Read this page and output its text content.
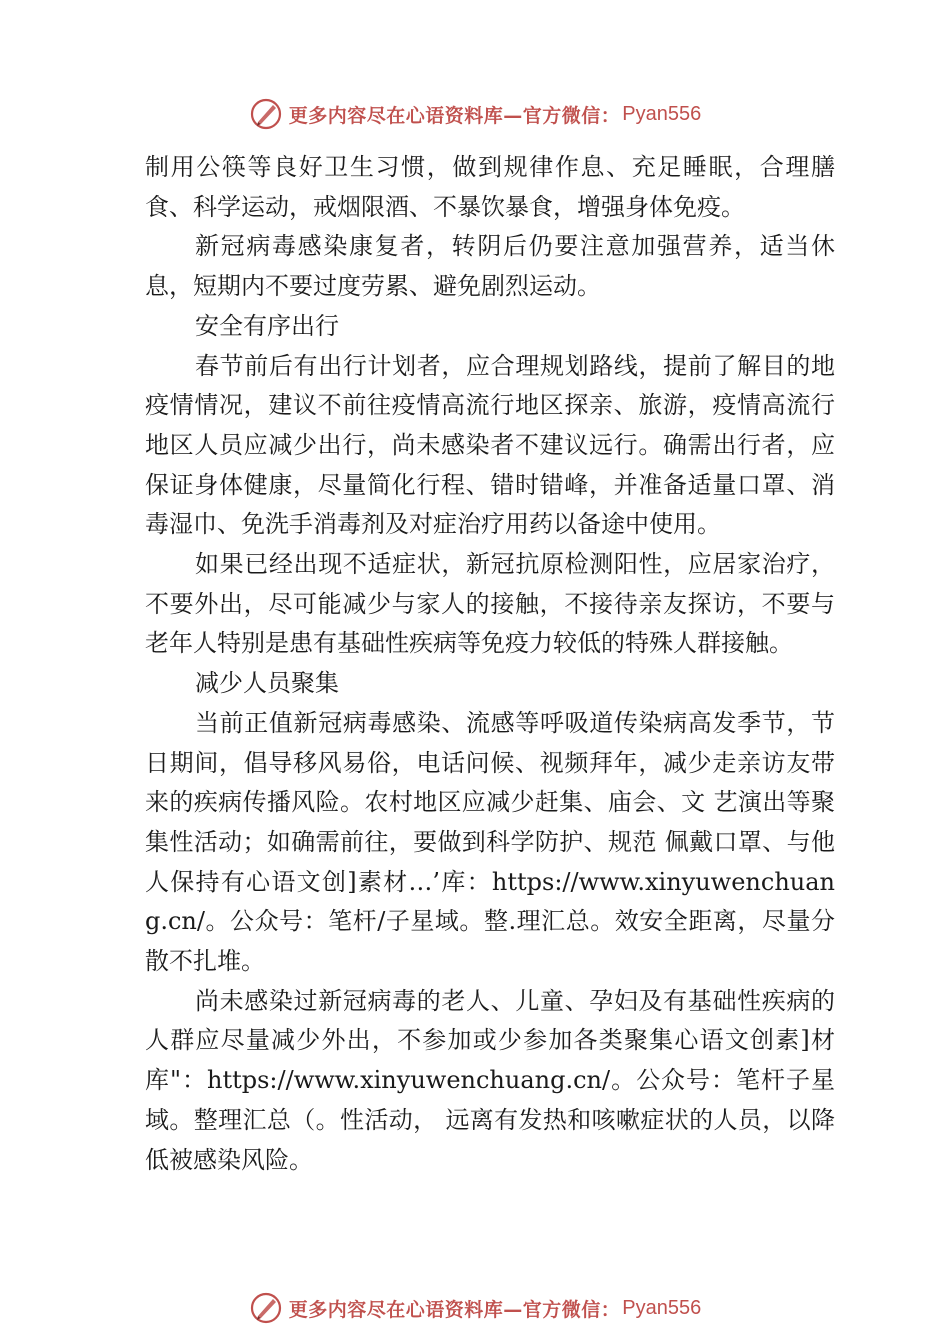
更多内容尽在心语资料库—官方微信： Pyan556

制用公筷等良好卫生习惯，做到规律作息、充足睡眠，合理膳食、科学运动，戒烟限酒、不暴饮暴食，增强身体免疫。

新冠病毒感染康复者，转阴后仍要注意加强营养，适当休息，短期内不要过度劳累、避免剧烈运动。

安全有序出行

春节前后有出行计划者，应合理规划路线，提前了解目的地疫情情况，建议不前往疫情高流行地区探亲、旅游，疫情高流行地区人员应减少出行，尚未感染者不建议远行。确需出行者，应保证身体健康，尽量简化行程、错时错峰，并准备适量口罩、消毒湿巾、免洗手消毒剂及对症治疗用药以备途中使用。

如果已经出现不适症状，新冠抗原检测阳性，应居家治疗，不要外出，尽可能减少与家人的接触，不接待亲友探访，不要与老年人特别是患有基础性疾病等免疫力较低的特殊人群接触。

减少人员聚集

当前正值新冠病毒感染、流感等呼吸道传染病高发季节，节日期间，倡导移风易俗，电话问候、视频拜年，减少走亲访友带来的疾病传播风险。农村地区应减少赶集、庙会、文 艺演出等聚集性活动；如确需前往，要做到科学防护、规范 佩戴口罩、与他人保持有心语文创]素材…’库：https://www.xinyuwenchuang.cn/。公众号：笔杆/子星域。整.理汇总。效安全距离，尽量分散不扎堆。

尚未感染过新冠病毒的老人、儿童、孕妇及有基础性疾病的人群应尽量减少外出，不参加或少参加各类聚集心语文创素]材库"：https://www.xinyuwenchuang.cn/。公众号：笔杆子星域。整理汇总（。性活动， 远离有发热和咳嗽症状的人员，以降低被感染风险。

更多内容尽在心语资料库—官方微信： Pyan556
